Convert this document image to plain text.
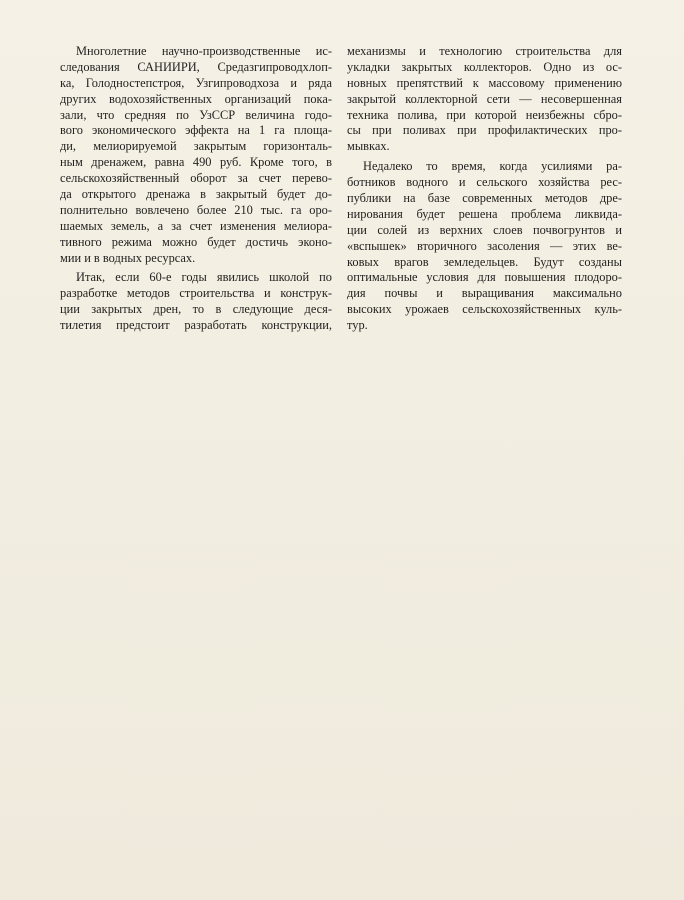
Многолетние научно-производственные ис-
следования САНИИРИ, Средазгипроводхлоп-
ка, Голодностепстроя, Узгипроводхоза и ряда
других водохозяйственных организаций пока-
зали, что средняя по УзССР величина годо-
вого экономического эффекта на 1 га площа-
ди, мелиорируемой закрытым горизонталь-
ным дренажем, равна 490 руб. Кроме того, в
сельскохозяйственный оборот за счет перево-
да открытого дренажа в закрытый будет до-
полнительно вовлечено более 210 тыс. га оро-
шаемых земель, а за счет изменения мелиора-
тивного режима можно будет достичь эконо-
мии и в водных ресурсах.
Итак, если 60-е годы явились школой по
разработке методов строительства и конструк-
ции закрытых дрен, то в следующие деся-
тилетия предстоит разработать конструкции,
механизмы и технологию строительства для
укладки закрытых коллекторов. Одно из ос-
новных препятствий к массовому применению
закрытой коллекторной сети — несовершенная
техника полива, при которой неизбежны сбро-
сы при поливах при профилактических про-
мывках.
Недалеко то время, когда усилиями ра-
ботников водного и сельского хозяйства рес-
публики на базе современных методов дре-
нирования будет решена проблема ликвида-
ции солей из верхних слоев почвогрунтов и
«вспышек» вторичного засоления — этих ве-
ковых врагов земледельцев. Будут созданы
оптимальные условия для повышения плодоро-
дия почвы и выращивания максимально
высоких урожаев сельскохозяйственных куль-
тур.
